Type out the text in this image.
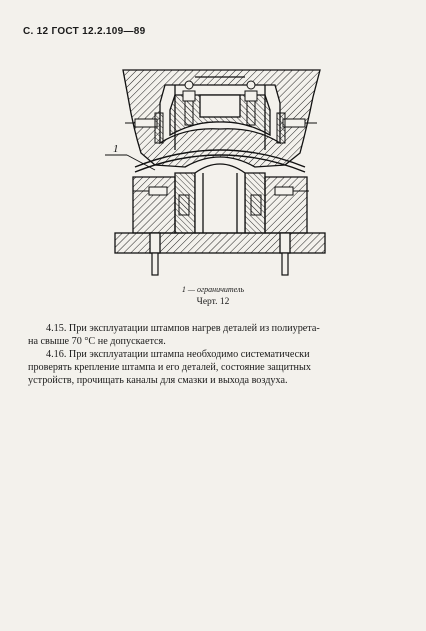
С. 12 ГОСТ 12.2.109—89
1
1 — ограничитель
Черт. 12
4.15. При эксплуатации штампов нагрев деталей из полиурета-
на свыше 70 °С не допускается.
4.16. При эксплуатации штампа необходимо систематически
проверять крепление штампа и его деталей, состояние защитных
устройств, прочищать каналы для смазки и выхода воздуха.
